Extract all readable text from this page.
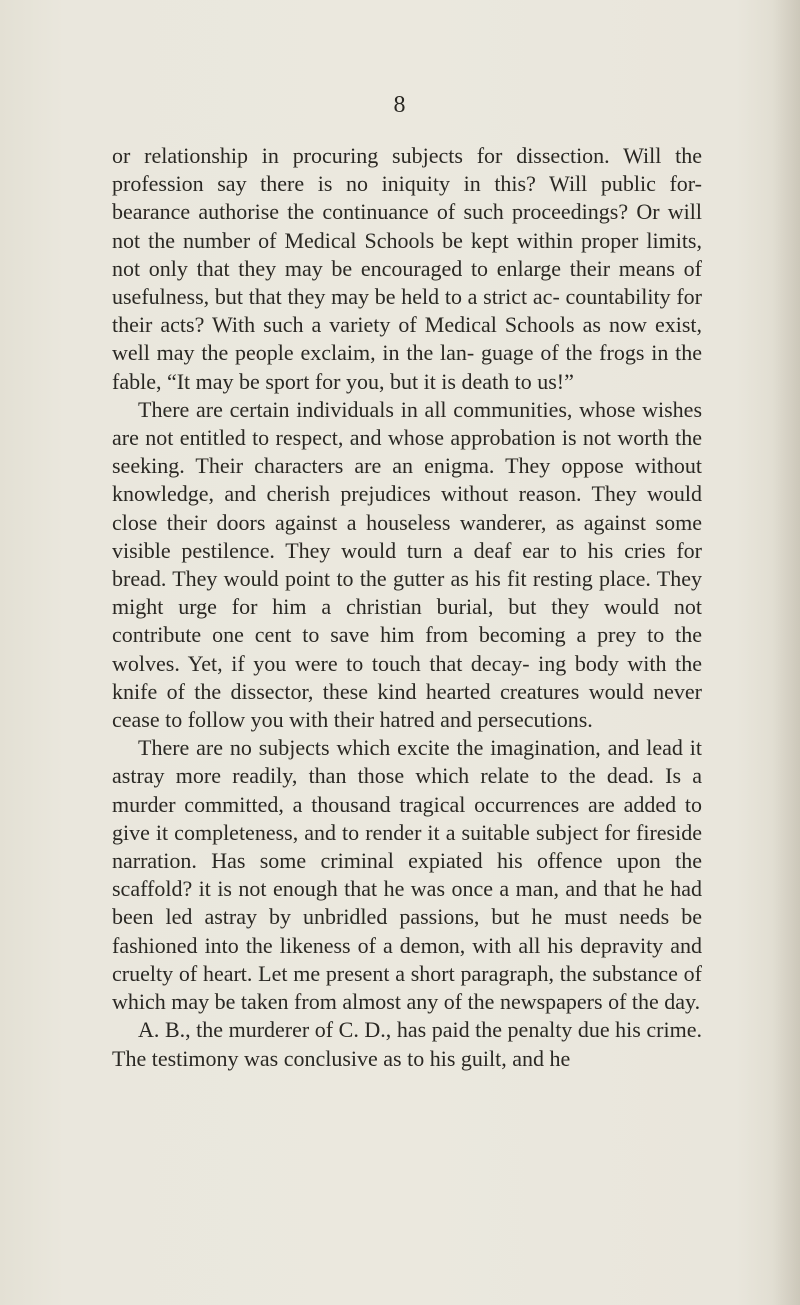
8

or relationship in procuring subjects for dissection. Will the profession say there is no iniquity in this? Will public for- bearance authorise the continuance of such proceedings? Or will not the number of Medical Schools be kept within proper limits, not only that they may be encouraged to enlarge their means of usefulness, but that they may be held to a strict ac- countability for their acts? With such a variety of Medical Schools as now exist, well may the people exclaim, in the lan- guage of the frogs in the fable, “It may be sport for you, but it is death to us!”

There are certain individuals in all communities, whose wishes are not entitled to respect, and whose approbation is not worth the seeking. Their characters are an enigma. They oppose without knowledge, and cherish prejudices without reason. They would close their doors against a houseless wanderer, as against some visible pestilence. They would turn a deaf ear to his cries for bread. They would point to the gutter as his fit resting place. They might urge for him a christian burial, but they would not contribute one cent to save him from becoming a prey to the wolves. Yet, if you were to touch that decay- ing body with the knife of the dissector, these kind hearted creatures would never cease to follow you with their hatred and persecutions.

There are no subjects which excite the imagination, and lead it astray more readily, than those which relate to the dead. Is a murder committed, a thousand tragical occurrences are added to give it completeness, and to render it a suitable subject for fireside narration. Has some criminal expiated his offence upon the scaffold? it is not enough that he was once a man, and that he had been led astray by unbridled passions, but he must needs be fashioned into the likeness of a demon, with all his depravity and cruelty of heart. Let me present a short paragraph, the substance of which may be taken from almost any of the newspapers of the day.

A. B., the murderer of C. D., has paid the penalty due his crime. The testimony was conclusive as to his guilt, and he
